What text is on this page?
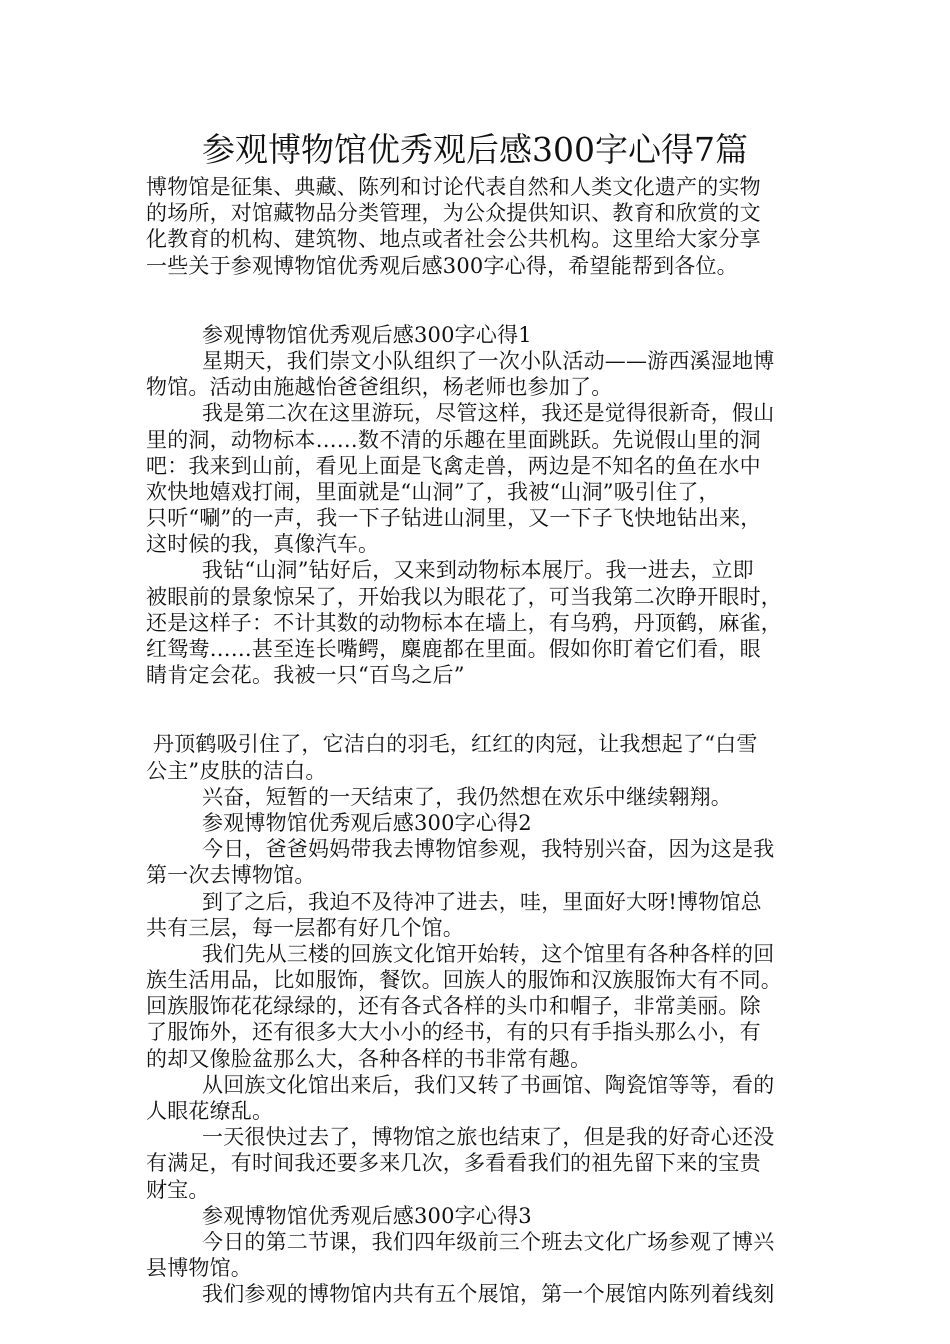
参观博物馆优秀观后感300字心得7篇
博物馆是征集、典藏、陈列和讨论代表自然和人类文化遗产的实物
的场所，对馆藏物品分类管理，为公众提供知识、教育和欣赏的文
化教育的机构、建筑物、地点或者社会公共机构。这里给大家分享
一些关于参观博物馆优秀观后感300字心得，希望能帮到各位。
参观博物馆优秀观后感300字心得1
星期天，我们崇文小队组织了一次小队活动——游西溪湿地博
物馆。活动由施越怡爸爸组织，杨老师也参加了。
我是第二次在这里游玩，尽管这样，我还是觉得很新奇，假山
里的洞，动物标本……数不清的乐趣在里面跳跃。先说假山里的洞
吧：我来到山前，看见上面是飞禽走兽，两边是不知名的鱼在水中
欢快地嬉戏打闹，里面就是“山洞”了，我被“山洞”吸引住了，
只听“唰”的一声，我一下子钻进山洞里，又一下子飞快地钻出来，
这时候的我，真像汽车。
我钻“山洞”钻好后，又来到动物标本展厅。我一进去，立即
被眼前的景象惊呆了，开始我以为眼花了，可当我第二次睁开眼时，
还是这样子：不计其数的动物标本在墙上，有乌鸦，丹顶鹤，麻雀，
红鸳鸯……甚至连长嘴鳄，麋鹿都在里面。假如你盯着它们看，眼
睛肯定会花。我被一只“百鸟之后”
丹顶鹤吸引住了，它洁白的羽毛，红红的肉冠，让我想起了“白雪
公主”皮肤的洁白。
兴奋，短暂的一天结束了，我仍然想在欢乐中继续翱翔。
参观博物馆优秀观后感300字心得2
今日，爸爸妈妈带我去博物馆参观，我特别兴奋，因为这是我
第一次去博物馆。
到了之后，我迫不及待冲了进去，哇，里面好大呀!博物馆总
共有三层，每一层都有好几个馆。
我们先从三楼的回族文化馆开始转，这个馆里有各种各样的回
族生活用品，比如服饰，餐饮。回族人的服饰和汉族服饰大有不同。
回族服饰花花绿绿的，还有各式各样的头巾和帽子，非常美丽。除
了服饰外，还有很多大大小小的经书，有的只有手指头那么小，有
的却又像脸盆那么大，各种各样的书非常有趣。
从回族文化馆出来后，我们又转了书画馆、陶瓷馆等等，看的
人眼花缭乱。
一天很快过去了，博物馆之旅也结束了，但是我的好奇心还没
有满足，有时间我还要多来几次，多看看我们的祖先留下来的宝贵
财宝。
参观博物馆优秀观后感300字心得3
今日的第二节课，我们四年级前三个班去文化广场参观了博兴
县博物馆。
我们参观的博物馆内共有五个展馆，第一个展馆内陈列着线刻
